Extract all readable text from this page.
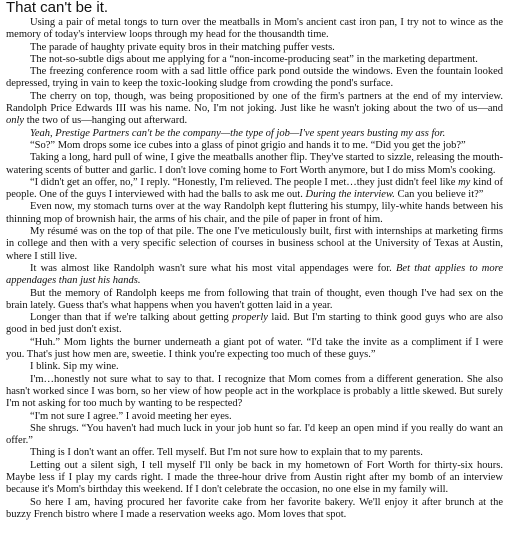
That can't be it.

Using a pair of metal tongs to turn over the meatballs in Mom's ancient cast iron pan, I try not to wince as the memory of today's interview loops through my head for the thousandth time.

The parade of haughty private equity bros in their matching puffer vests.

The not-so-subtle digs about me applying for a “non-income-producing seat” in the marketing department.

The freezing conference room with a sad little office park pond outside the windows. Even the fountain looked depressed, trying in vain to keep the toxic-looking sludge from crowding the pond's surface.

The cherry on top, though, was being propositioned by one of the firm's partners at the end of my interview. Randolph Price Edwards III was his name. No, I'm not joking. Just like he wasn't joking about the two of us—and only the two of us—hanging out afterward.

Yeah, Prestige Partners can't be the company—the type of job—I've spent years busting my ass for.

“So?” Mom drops some ice cubes into a glass of pinot grigio and hands it to me. “Did you get the job?”

Taking a long, hard pull of wine, I give the meatballs another flip. They've started to sizzle, releasing the mouth-watering scents of butter and garlic. I don't love coming home to Fort Worth anymore, but I do miss Mom's cooking.

“I didn't get an offer, no,” I reply. “Honestly, I'm relieved. The people I met…they just didn't feel like my kind of people. One of the guys I interviewed with had the balls to ask me out. During the interview. Can you believe it?”

Even now, my stomach turns over at the way Randolph kept fluttering his stumpy, lily-white hands between his thinning mop of brownish hair, the arms of his chair, and the pile of paper in front of him.

My résumé was on the top of that pile. The one I've meticulously built, first with internships at marketing firms in college and then with a very specific selection of courses in business school at the University of Texas at Austin, where I still live.

It was almost like Randolph wasn't sure what his most vital appendages were for. Bet that applies to more appendages than just his hands.

But the memory of Randolph keeps me from following that train of thought, even though I've had sex on the brain lately. Guess that's what happens when you haven't gotten laid in a year.

Longer than that if we're talking about getting properly laid. But I'm starting to think good guys who are also good in bed just don't exist.

“Huh.” Mom lights the burner underneath a giant pot of water. “I'd take the invite as a compliment if I were you. That's just how men are, sweetie. I think you're expecting too much of these guys.”

I blink. Sip my wine.

I'm…honestly not sure what to say to that. I recognize that Mom comes from a different generation. She also hasn't worked since I was born, so her view of how people act in the workplace is probably a little skewed. But surely I'm not asking for too much by wanting to be respected?

“I'm not sure I agree.” I avoid meeting her eyes.

She shrugs. “You haven't had much luck in your job hunt so far. I'd keep an open mind if you really do want an offer.”

Thing is I don't want an offer. Tell myself. But I'm not sure how to explain that to my parents.

Letting out a silent sigh, I tell myself I'll only be back in my hometown of Fort Worth for thirty-six hours. Maybe less if I play my cards right. I made the three-hour drive from Austin right after my bomb of an interview because it's Mom's birthday this weekend. If I don't celebrate the occasion, no one else in my family will.

So here I am, having procured her favorite cake from her favorite bakery. We'll enjoy it after brunch at the buzzy French bistro where I made a reservation weeks ago. Mom loves that spot.
